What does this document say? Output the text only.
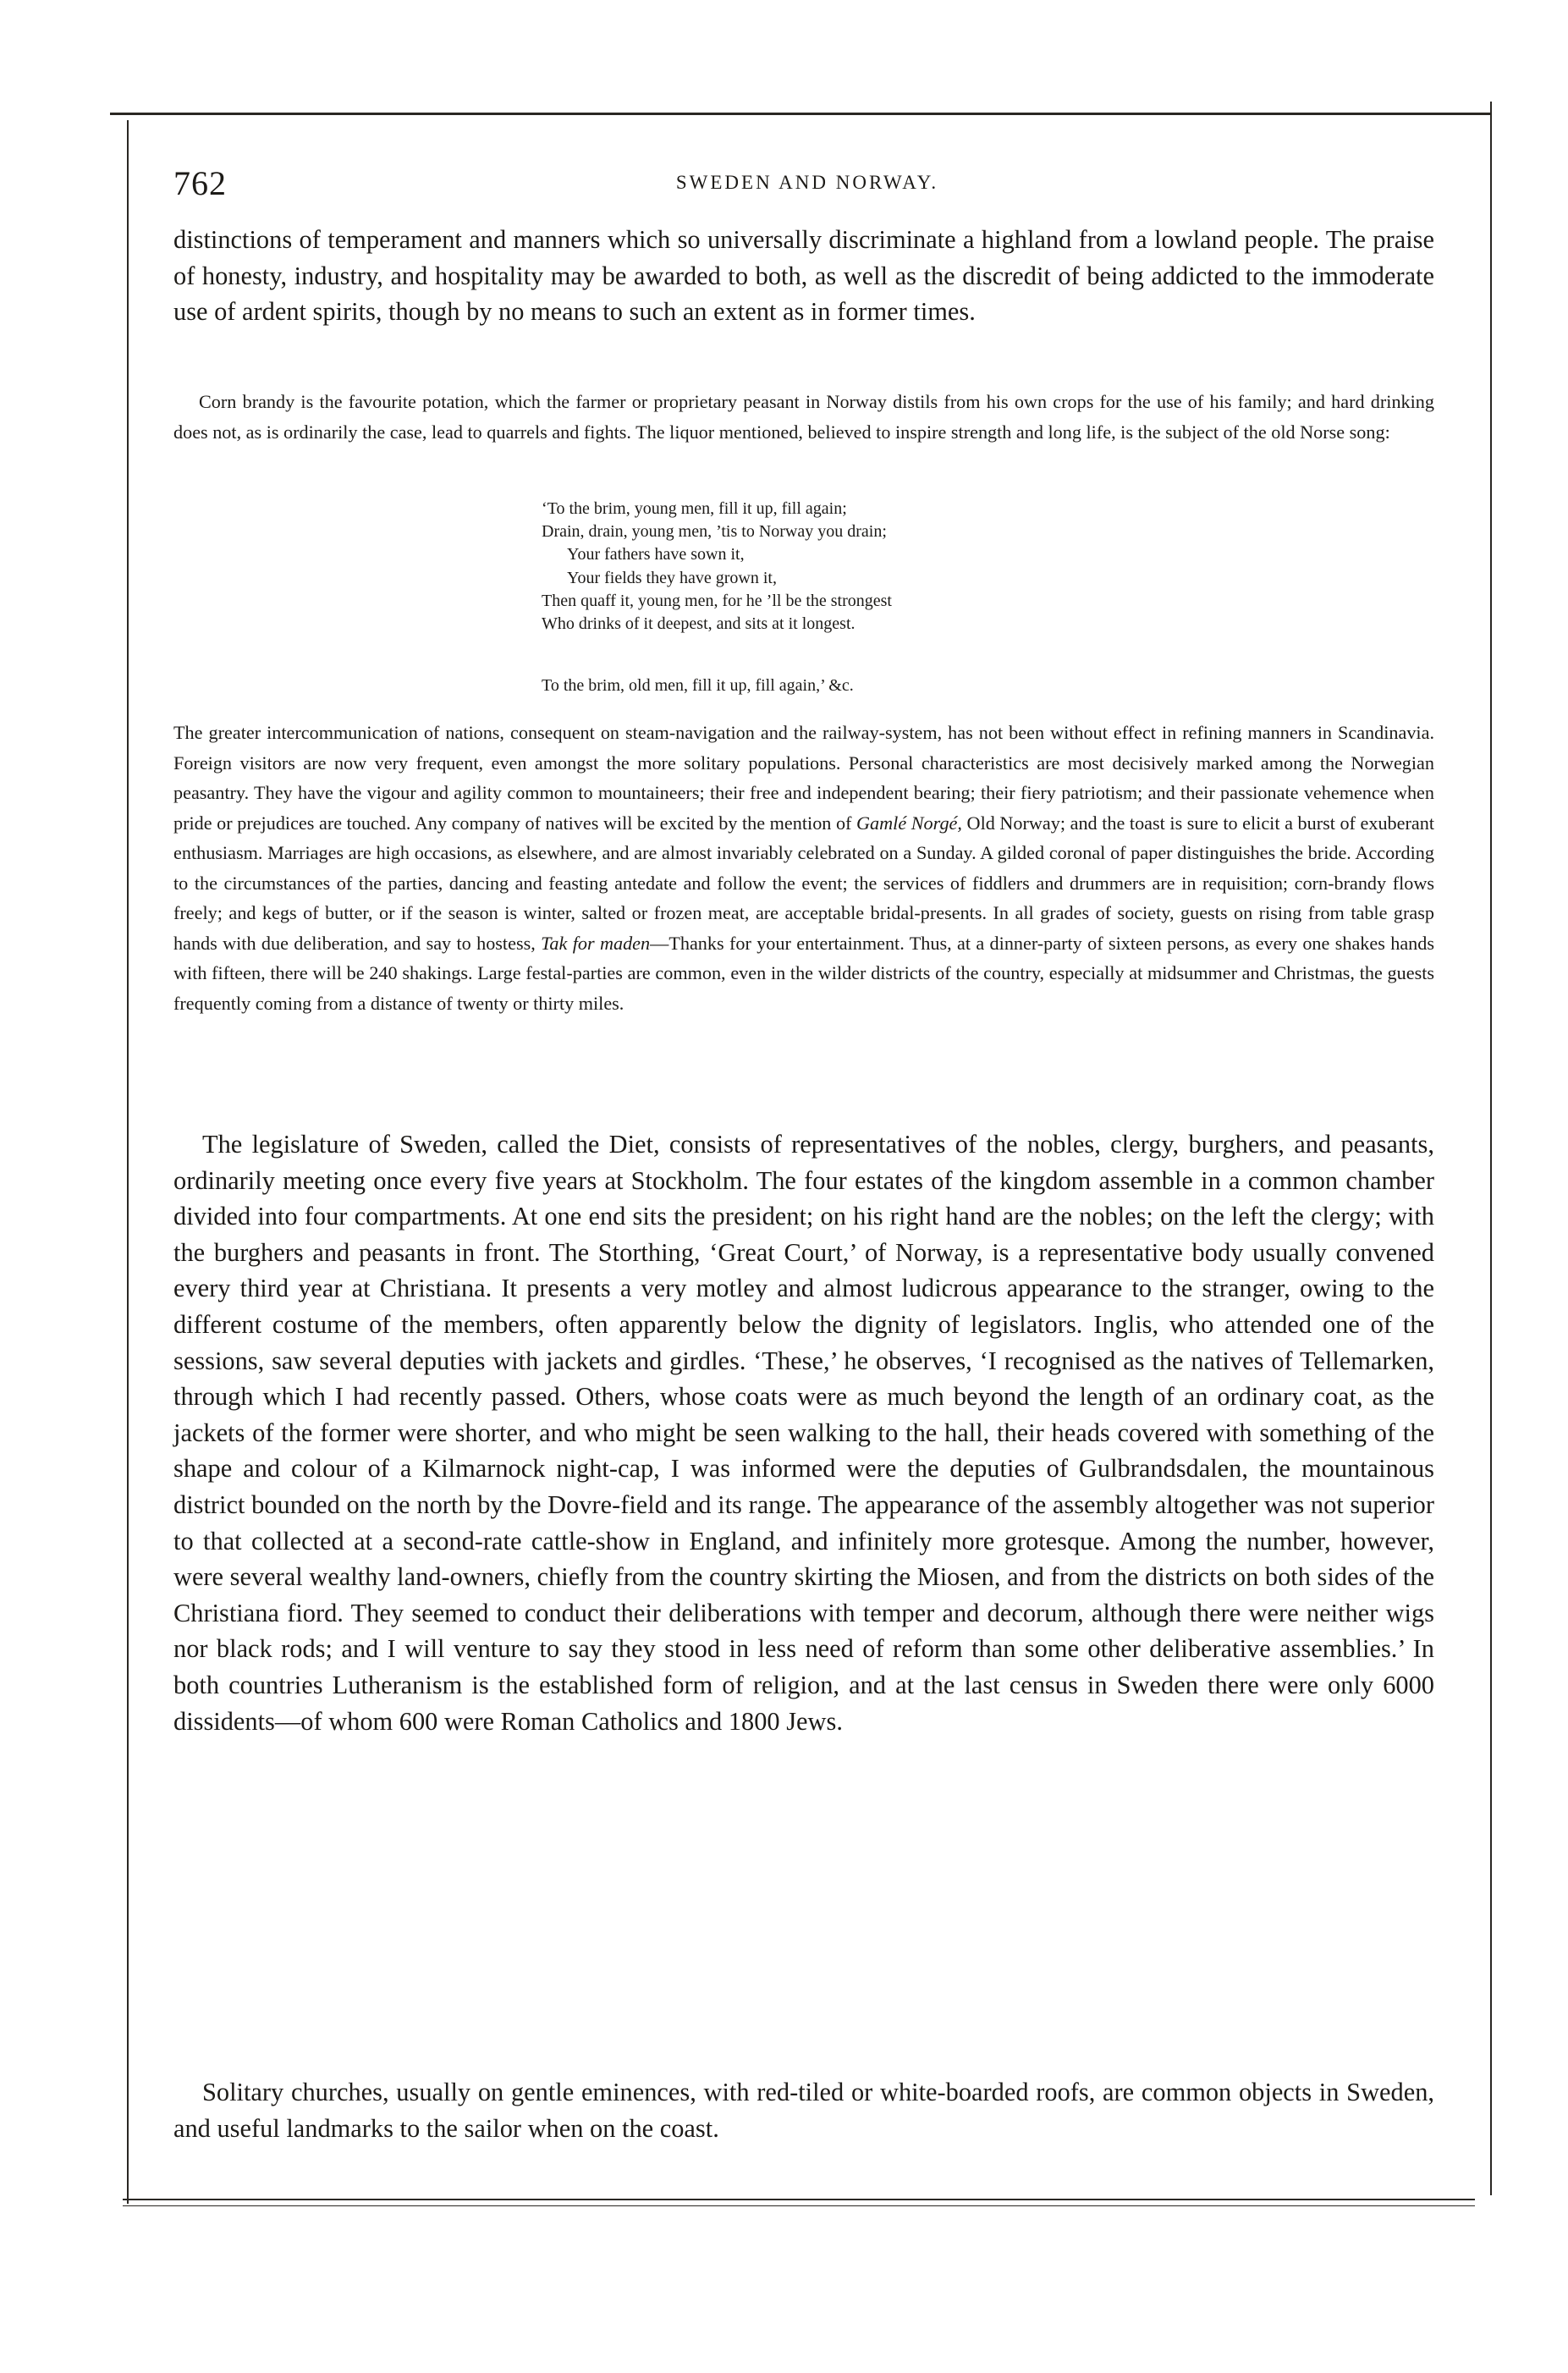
762	SWEDEN AND NORWAY.

distinctions of temperament and manners which so universally discriminate a highland from a lowland people. The praise of honesty, industry, and hospitality may be awarded to both, as well as the discredit of being addicted to the immoderate use of ardent spirits, though by no means to such an extent as in former times.

Corn brandy is the favourite potation, which the farmer or proprietary peasant in Norway distils from his own crops for the use of his family; and hard drinking does not, as is ordinarily the case, lead to quarrels and fights. The liquor mentioned, believed to inspire strength and long life, is the subject of the old Norse song:

‘To the brim, young men, fill it up, fill again;
Drain, drain, young men, ’tis to Norway you drain;
Your fathers have sown it,
Your fields they have grown it,
Then quaff it, young men, for he ’ll be the strongest
Who drinks of it deepest, and sits at it longest.
To the brim, old men, fill it up, fill again,’ &c.

The greater intercommunication of nations, consequent on steam-navigation and the railway-system, has not been without effect in refining manners in Scandinavia. Foreign visitors are now very frequent, even amongst the more solitary populations. Personal characteristics are most decisively marked among the Norwegian peasantry. They have the vigour and agility common to mountaineers; their free and independent bearing; their fiery patriotism; and their passionate vehemence when pride or prejudices are touched. Any company of natives will be excited by the mention of Gamlé Norgé, Old Norway; and the toast is sure to elicit a burst of exuberant enthusiasm. Marriages are high occasions, as elsewhere, and are almost invariably celebrated on a Sunday. A gilded coronal of paper distinguishes the bride. According to the circumstances of the parties, dancing and feasting antedate and follow the event; the services of fiddlers and drummers are in requisition; corn-brandy flows freely; and kegs of butter, or if the season is winter, salted or frozen meat, are acceptable bridal-presents. In all grades of society, guests on rising from table grasp hands with due deliberation, and say to hostess, Tak for maden—Thanks for your entertainment. Thus, at a dinner-party of sixteen persons, as every one shakes hands with fifteen, there will be 240 shakings. Large festal-parties are common, even in the wilder districts of the country, especially at midsummer and Christmas, the guests frequently coming from a distance of twenty or thirty miles.

The legislature of Sweden, called the Diet, consists of representatives of the nobles, clergy, burghers, and peasants, ordinarily meeting once every five years at Stockholm. The four estates of the kingdom assemble in a common chamber divided into four compartments. At one end sits the president; on his right hand are the nobles; on the left the clergy; with the burghers and peasants in front. The Storthing, ‘Great Court,’ of Norway, is a representative body usually convened every third year at Christiana. It presents a very motley and almost ludicrous appearance to the stranger, owing to the different costume of the members, often apparently below the dignity of legislators. Inglis, who attended one of the sessions, saw several deputies with jackets and girdles. ‘These,’ he observes, ‘I recognised as the natives of Tellemarken, through which I had recently passed. Others, whose coats were as much beyond the length of an ordinary coat, as the jackets of the former were shorter, and who might be seen walking to the hall, their heads covered with something of the shape and colour of a Kilmarnock night-cap, I was informed were the deputies of Gulbrandsdalen, the mountainous district bounded on the north by the Dovre-field and its range. The appearance of the assembly altogether was not superior to that collected at a second-rate cattle-show in England, and infinitely more grotesque. Among the number, however, were several wealthy land-owners, chiefly from the country skirting the Miosen, and from the districts on both sides of the Christiana fiord. They seemed to conduct their deliberations with temper and decorum, although there were neither wigs nor black rods; and I will venture to say they stood in less need of reform than some other deliberative assemblies.’ In both countries Lutheranism is the established form of religion, and at the last census in Sweden there were only 6000 dissidents—of whom 600 were Roman Catholics and 1800 Jews.

Solitary churches, usually on gentle eminences, with red-tiled or white-boarded roofs, are common objects in Sweden, and useful landmarks to the sailor when on the coast.
